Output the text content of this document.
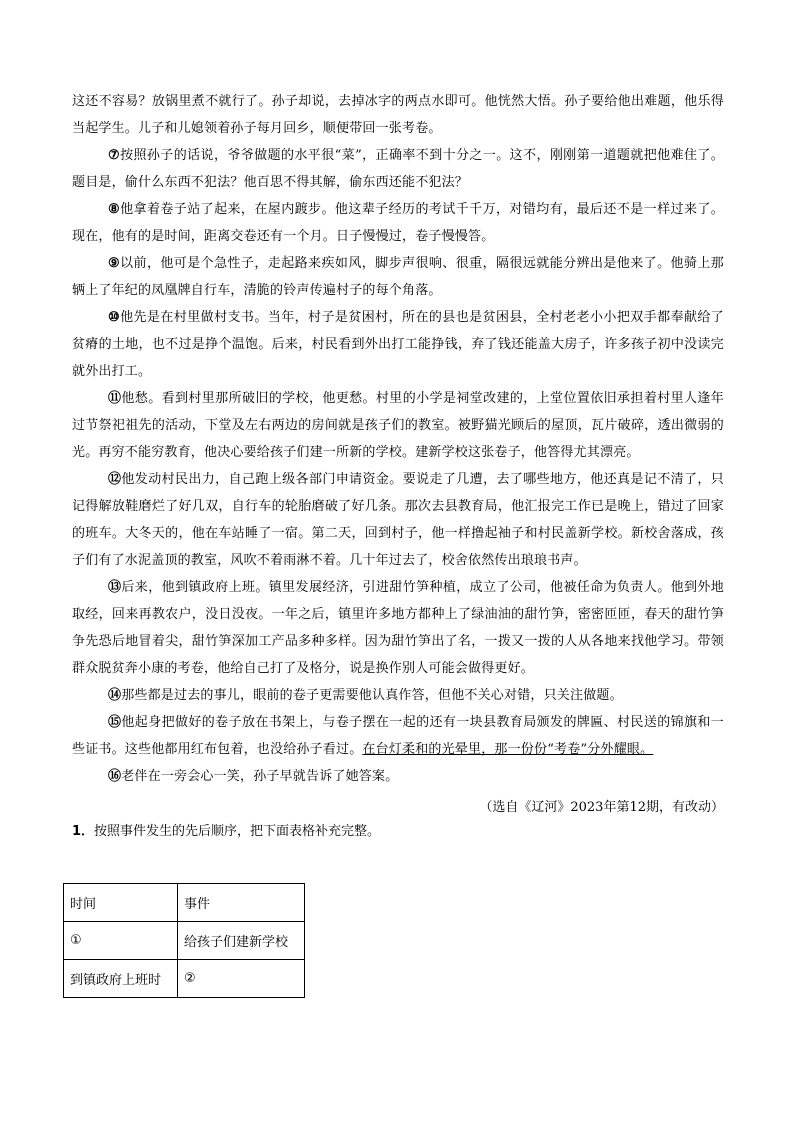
这还不容易？放锅里煮不就行了。孙子却说，去掉冰字的两点水即可。他恍然大悟。孙子要给他出难题，他乐得当起学生。儿子和儿媳领着孙子每月回乡，顺便带回一张考卷。

⑦按照孙子的话说，爷爷做题的水平很“菜”，正确率不到十分之一。这不，刚刚第一道题就把他难住了。题目是，偷什么东西不犯法？他百思不得其解，偷东西还能不犯法？

⑧他拿着卷子站了起来，在屋内踱步。他这辈子经历的考试千千万，对错均有，最后还不是一样过来了。现在，他有的是时间，距离交卷还有一个月。日子慢慢过，卷子慢慢答。

⑨以前，他可是个急性子，走起路来疾如风，脚步声很响、很重，隔很远就能分辨出是他来了。他骑上那辆上了年纪的凤凰牌自行车，清脆的铃声传遍村子的每个角落。

⑩他先是在村里做村支书。当年，村子是贫困村，所在的县也是贫困县，全村老老小小把双手都奉献给了贫瘠的土地，也不过是挣个温饱。后来，村民看到外出打工能挣钱，弃了钱还能盖大房子，许多孩子初中没读完就外出打工。

⑪他愁。看到村里那所破旧的学校，他更愁。村里的小学是祠堂改建的，上堂位置依旧承担着村里人逢年过节祭祀祖先的活动，下堂及左右两边的房间就是孩子们的教室。被野猫光顾后的屋顶，瓦片破碎，透出微弱的光。再穷不能穷教育，他决心要给孩子们建一所新的学校。建新学校这张卷子，他答得尤其漂亮。

⑫他发动村民出力，自己跑上级各部门申请资金。要说走了几遭，去了哪些地方，他还真是记不清了，只记得解放鞋磨烂了好几双，自行车的轮胎磨破了好几条。那次去县教育局，他汇报完工作已是晚上，错过了回家的班车。大冬天的，他在车站睡了一宿。第二天，回到村子，他一样撸起袖子和村民盖新学校。新校舍落成，孩子们有了水泥盖顶的教室，风吹不着雨淋不着。几十年过去了，校舍依然传出琅琅书声。

⑬后来，他到镇政府上班。镇里发展经济，引进甜竹笋种植，成立了公司，他被任命为负责人。他到外地取经，回来再教农户，没日没夜。一年之后，镇里许多地方都种上了绿油油的甜竹笋，密密匝匝，春天的甜竹笋争先恐后地冒着尖，甜竹笋深加工产品多种多样。因为甜竹笋出了名，一拨又一拨的人从各地来找他学习。带领群众脱贫奔小康的考卷，他给自己打了及格分，说是换作别人可能会做得更好。

⑭那些都是过去的事儿，眼前的卷子更需要他认真作答，但他不关心对错，只关注做题。

⑮他起身把做好的卷子放在书架上，与卷子摆在一起的还有一块县教育局颁发的牌匾、村民送的锦旗和一些证书。这些他都用红布包着，也没给孙子看过。在台灯柔和的光晕里，那一份份“考卷”分外耀眼。

⑯老伴在一旁会心一笑，孙子早就告诉了她答案。

（选自《辽河》2023年第12期，有改动）

1．按照事件发生的先后顺序，把下面表格补充完整。

时间	事件
①	给孩子们建新学校
到镇政府上班时	②
